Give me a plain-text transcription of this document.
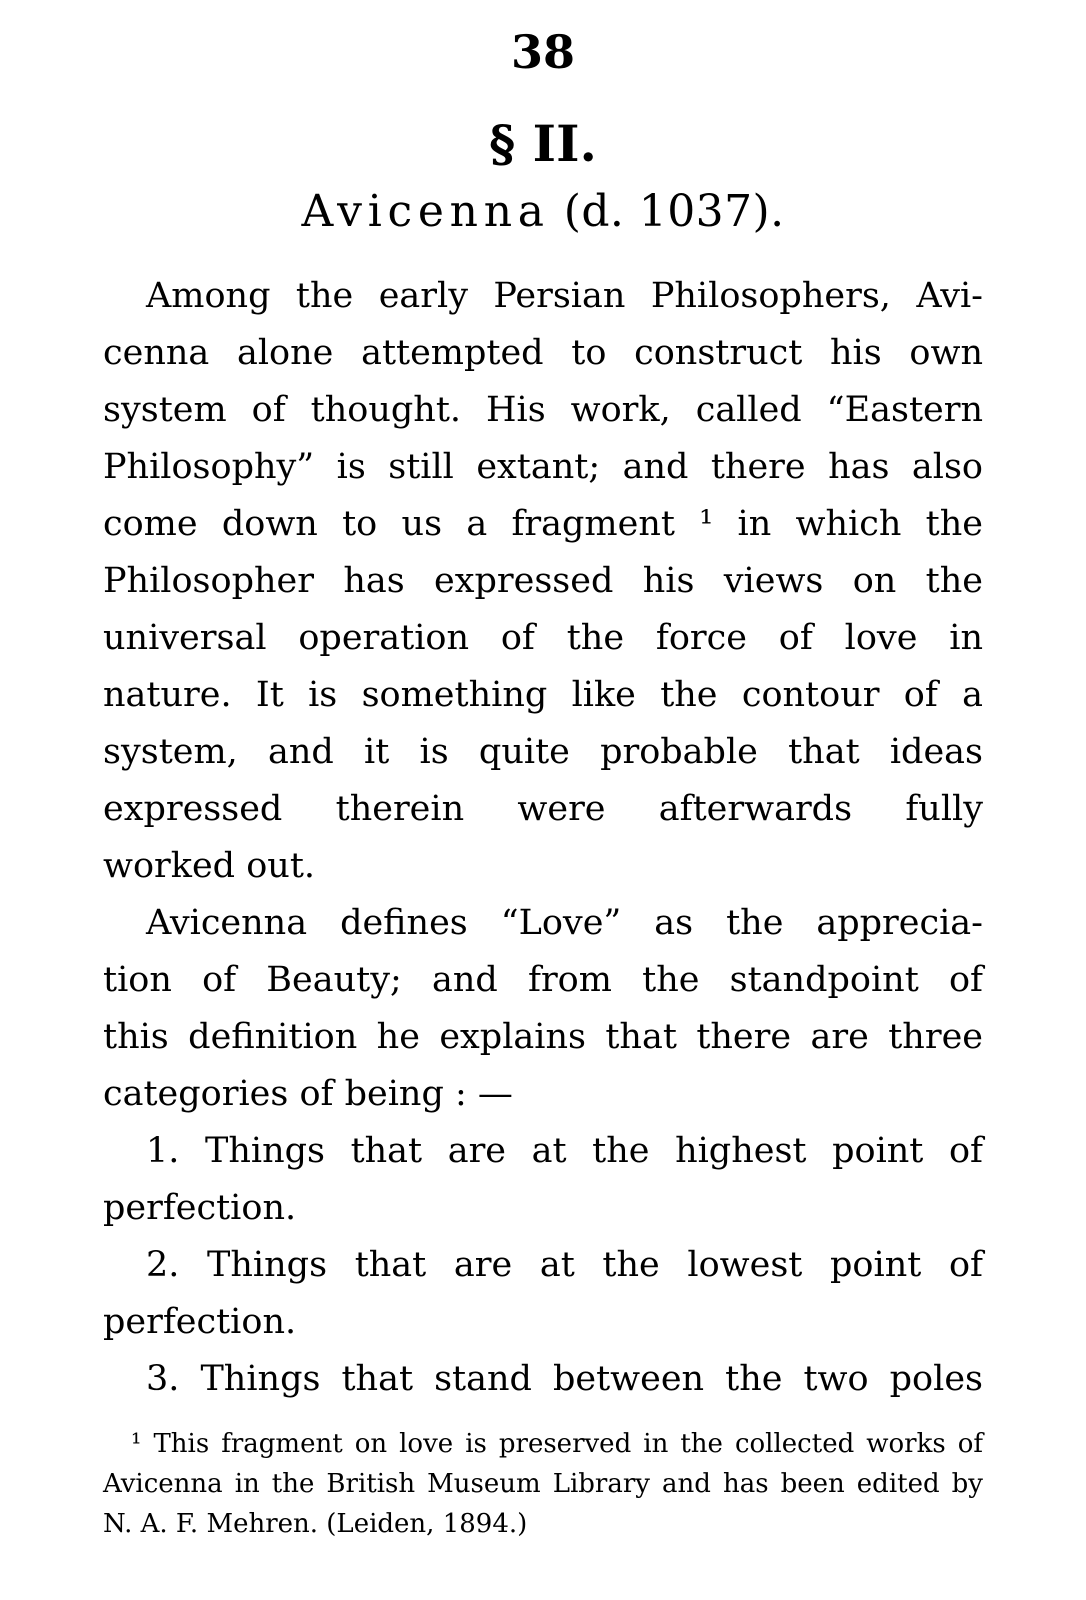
38
§ II.
Avicenna (d. 1037).
Among the early Persian Philosophers, Avi-
cenna alone attempted to construct his own
system of thought. His work, called “Eastern
Philosophy” is still extant; and there has also
come down to us a fragment ¹ in which the
Philosopher has expressed his views on the
universal operation of the force of love in
nature. It is something like the contour of a
system, and it is quite probable that ideas
expressed therein were afterwards fully
worked out.
Avicenna defines “Love” as the apprecia-
tion of Beauty; and from the standpoint of
this definition he explains that there are three
categories of being : —
1. Things that are at the highest point of
perfection.
2. Things that are at the lowest point of
perfection.
3. Things that stand between the two poles
¹ This fragment on love is preserved in the collected works of
Avicenna in the British Museum Library and has been edited by
N. A. F. Mehren. (Leiden, 1894.)
